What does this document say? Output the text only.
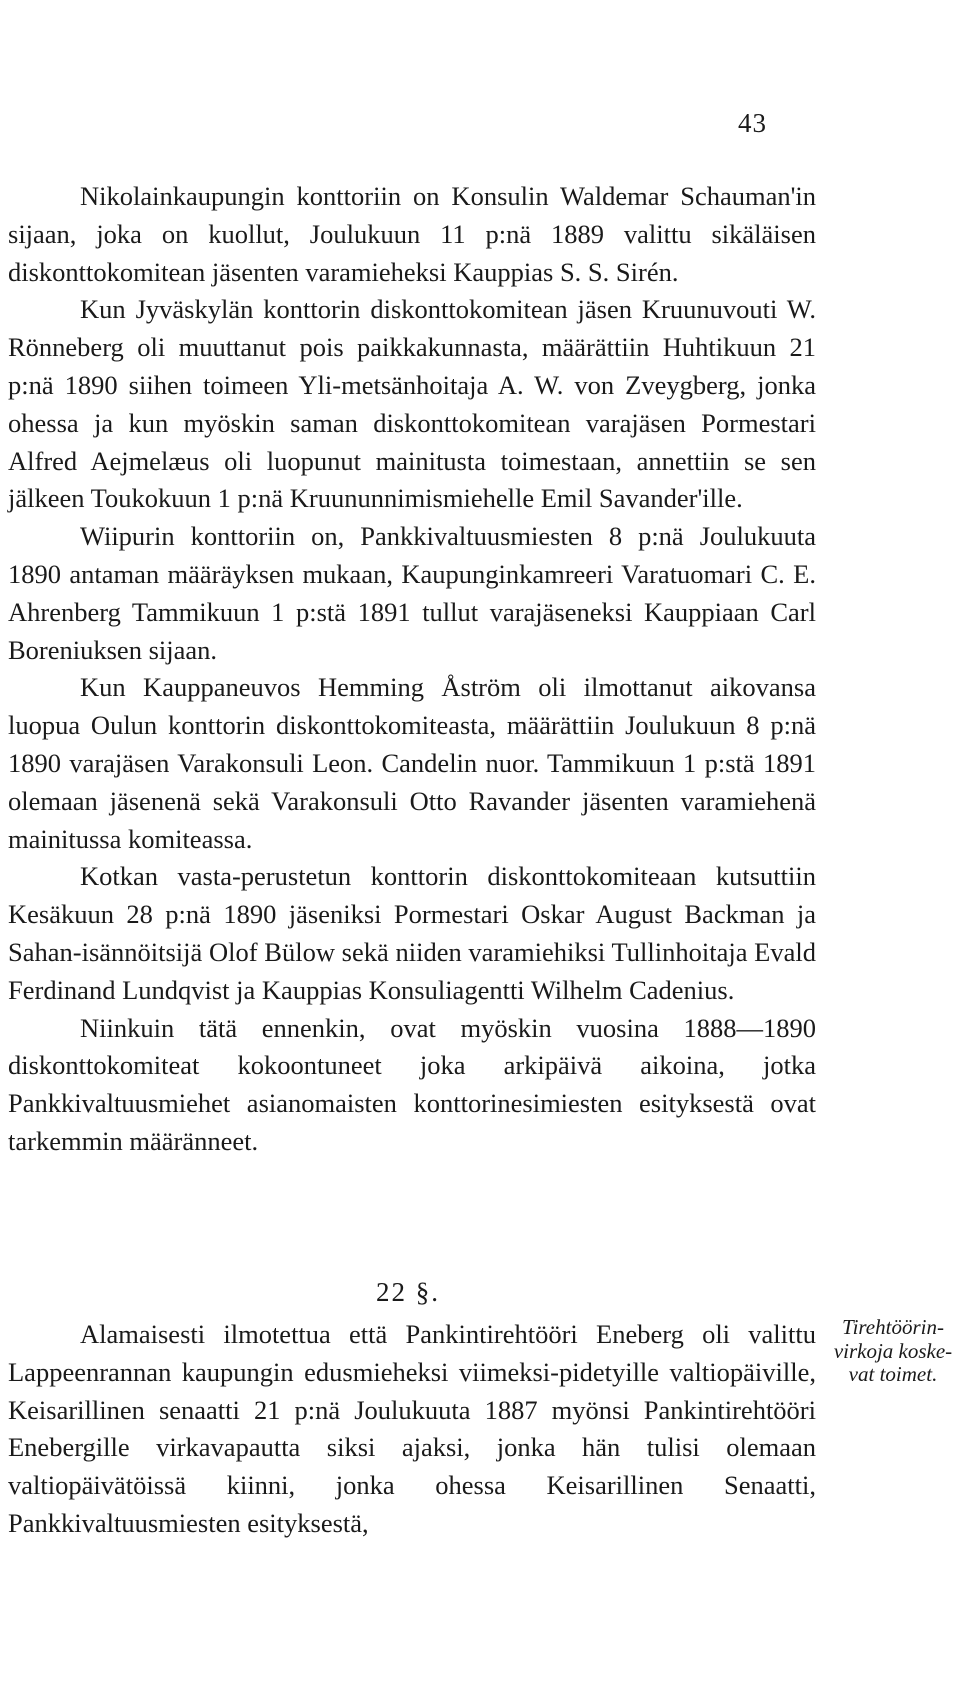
43

Nikolainkaupungin konttoriin on Konsulin Waldemar Schauman'in sijaan, joka on kuollut, Joulukuun 11 p:nä 1889 valittu sikäläisen diskonttokomitean jäsenten varamieheksi Kauppias S. S. Sirén.

Kun Jyväskylän konttorin diskonttokomitean jäsen Kruunuvouti W. Rönneberg oli muuttanut pois paikkakunnasta, määrättiin Huhtikuun 21 p:nä 1890 siihen toimeen Yli-metsänhoitaja A. W. von Zveygberg, jonka ohessa ja kun myöskin saman diskonttokomitean varajäsen Pormestari Alfred Aejmelæus oli luopunut mainitusta toimestaan, annettiin se sen jälkeen Toukokuun 1 p:nä Kruununnimismiehelle Emil Savander'ille.

Wiipurin konttoriin on, Pankkivaltuusmiesten 8 p:nä Joulukuuta 1890 antaman määräyksen mukaan, Kaupunginkamreeri Varatuomari C. E. Ahrenberg Tammikuun 1 p:stä 1891 tullut varajäseneksi Kauppiaan Carl Boreniuksen sijaan.

Kun Kauppaneuvos Hemming Åström oli ilmottanut aikovansa luopua Oulun konttorin diskonttokomiteasta, määrättiin Joulukuun 8 p:nä 1890 varajäsen Varakonsuli Leon. Candelin nuor. Tammikuun 1 p:stä 1891 olemaan jäsenenä sekä Varakonsuli Otto Ravander jäsenten varamiehenä mainitussa komiteassa.

Kotkan vasta-perustetun konttorin diskonttokomiteaan kutsuttiin Kesäkuun 28 p:nä 1890 jäseniksi Pormestari Oskar August Backman ja Sahan-isännöitsijä Olof Bülow sekä niiden varamiehiksi Tullinhoitaja Evald Ferdinand Lundqvist ja Kauppias Konsuliagentti Wilhelm Cadenius.

Niinkuin tätä ennenkin, ovat myöskin vuosina 1888—1890 diskonttokomiteat kokoontuneet joka arkipäivä aikoina, jotka Pankkivaltuusmiehet asianomaisten konttorinesimiesten esityksestä ovat tarkemmin määränneet.

22 §.

Alamaisesti ilmotettua että Pankintirehtööri Eneberg oli valittu Lappeenrannan kaupungin edusmieheksi viimeksi-pidetyille valtiopäiville, Keisarillinen senaatti 21 p:nä Joulukuuta 1887 myönsi Pankintirehtööri Enebergille virkavapautta siksi ajaksi, jonka hän tulisi olemaan valtiopäivätöissä kiinni, jonka ohessa Keisarillinen Senaatti, Pankkivaltuusmiesten esityksestä,

Tirehtöörin-
virkoja koske-
vat toimet.
